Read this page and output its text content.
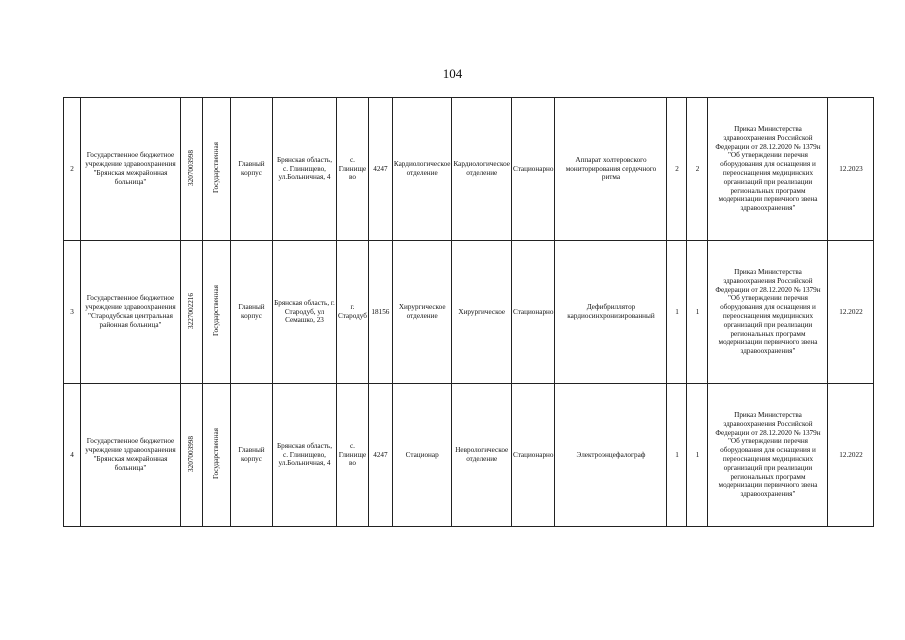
104
2	Государственное бюджетное учреждение здравоохранения "Брянская межрайонная больница"	3207003998	Государственная	Главный корпус	Брянская область, с. Глинищево, ул.Больничная, 4	с. Глинище во	4247	Кардиологическое отделение	Кардиологическое отделение	Стационарно	Аппарат холтеровского мониторирования сердечного ритма	2	2	Приказ Министерства здравоохранения Российской Федерации от 28.12.2020 № 1379н "Об утверждении перечня оборудования для оснащения и переоснащения медицинских организаций при реализации региональных программ модернизации первичного звена здравоохранения"	12.2023
3	Государственное бюджетное учреждение здравоохранения "Стародубская центральная районная больница"	3227002216	Государственная	Главный корпус	Брянская область, г. Стародуб, ул Семашко, 23	г. Стародуб	18156	Хирургическое отделение	Хирургическое	Стационарно	Дефибриллятор кардиосинхронизированный	1	1	Приказ Министерства здравоохранения Российской Федерации от 28.12.2020 № 1379н "Об утверждении перечня оборудования для оснащения и переоснащения медицинских организаций при реализации региональных программ модернизации первичного звена здравоохранения"	12.2022
4	Государственное бюджетное учреждение здравоохранения "Брянская межрайонная больница"	3207003998	Государственная	Главный корпус	Брянская область, с. Глинищево, ул.Больничная, 4	с. Глинище во	4247	Стационар	Неврологическое отделение	Стационарно	Электроэнцефалограф	1	1	Приказ Министерства здравоохранения Российской Федерации от 28.12.2020 № 1379н "Об утверждении перечня оборудования для оснащения и переоснащения медицинских организаций при реализации региональных программ модернизации первичного звена здравоохранения"	12.2022
